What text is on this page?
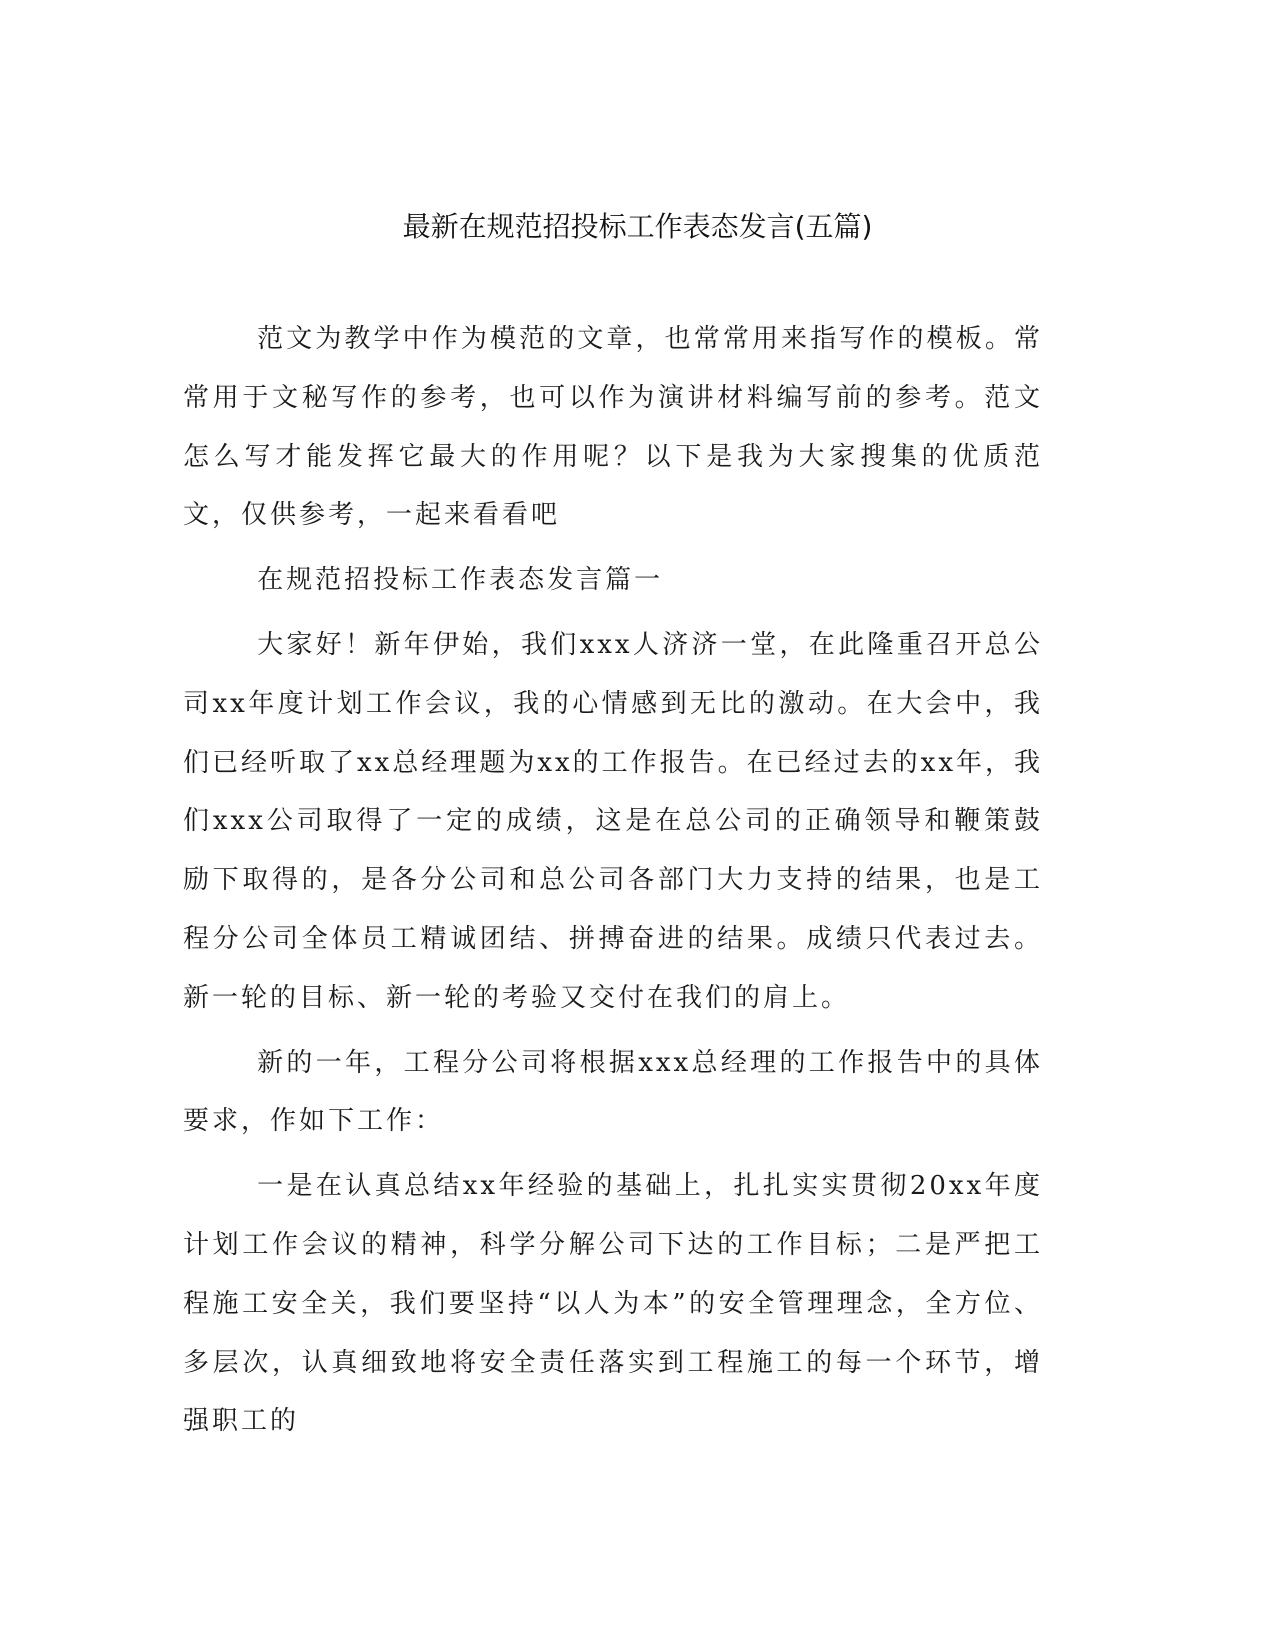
最新在规范招投标工作表态发言(五篇)

范文为教学中作为模范的文章，也常常用来指写作的模板。常常用于文秘写作的参考，也可以作为演讲材料编写前的参考。范文怎么写才能发挥它最大的作用呢？以下是我为大家搜集的优质范文，仅供参考，一起来看看吧

在规范招投标工作表态发言篇一

大家好！新年伊始，我们xxx人济济一堂，在此隆重召开总公司xx年度计划工作会议，我的心情感到无比的激动。在大会中，我们已经听取了xx总经理题为xx的工作报告。在已经过去的xx年，我们xxx公司取得了一定的成绩，这是在总公司的正确领导和鞭策鼓励下取得的，是各分公司和总公司各部门大力支持的结果，也是工程分公司全体员工精诚团结、拼搏奋进的结果。成绩只代表过去。新一轮的目标、新一轮的考验又交付在我们的肩上。

新的一年，工程分公司将根据xxx总经理的工作报告中的具体要求，作如下工作：

一是在认真总结xx年经验的基础上，扎扎实实贯彻20xx年度计划工作会议的精神，科学分解公司下达的工作目标；二是严把工程施工安全关，我们要坚持“以人为本”的安全管理理念，全方位、多层次，认真细致地将安全责任落实到工程施工的每一个环节，增强职工的
